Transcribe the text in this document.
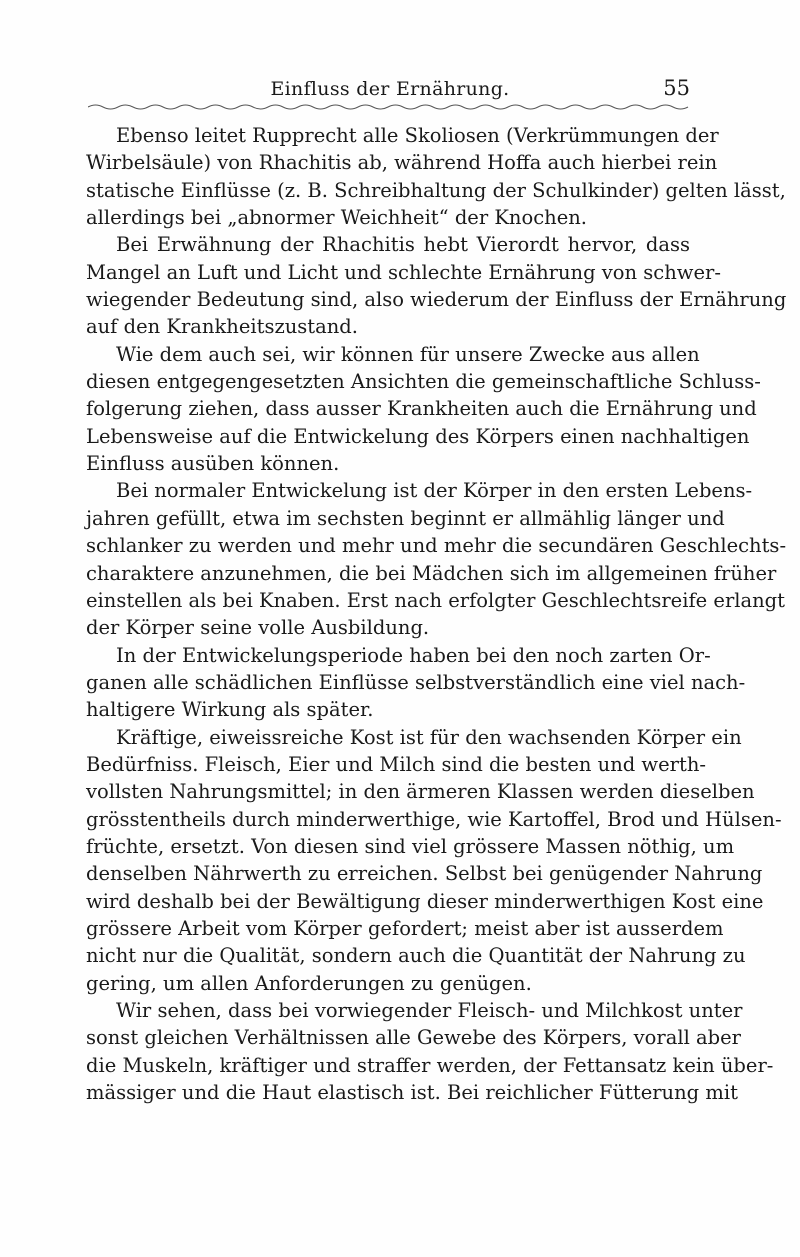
Einfluss der Ernährung.	55
Ebenso leitet Rupprecht alle Skoliosen (Verkrümmungen der
Wirbelsäule) von Rhachitis ab, während Hoffa auch hierbei rein
statische Einflüsse (z. B. Schreibhaltung der Schulkinder) gelten lässt,
allerdings bei „abnormer Weichheit“ der Knochen.
Bei Erwähnung der Rhachitis hebt Vierordt hervor, dass
Mangel an Luft und Licht und schlechte Ernährung von schwer-
wiegender Bedeutung sind, also wiederum der Einfluss der Ernährung
auf den Krankheitszustand.
Wie dem auch sei, wir können für unsere Zwecke aus allen
diesen entgegengesetzten Ansichten die gemeinschaftliche Schluss-
folgerung ziehen, dass ausser Krankheiten auch die Ernährung und
Lebensweise auf die Entwickelung des Körpers einen nachhaltigen
Einfluss ausüben können.
Bei normaler Entwickelung ist der Körper in den ersten Lebens-
jahren gefüllt, etwa im sechsten beginnt er allmählig länger und
schlanker zu werden und mehr und mehr die secundären Geschlechts-
charaktere anzunehmen, die bei Mädchen sich im allgemeinen früher
einstellen als bei Knaben. Erst nach erfolgter Geschlechtsreife erlangt
der Körper seine volle Ausbildung.
In der Entwickelungsperiode haben bei den noch zarten Or-
ganen alle schädlichen Einflüsse selbstverständlich eine viel nach-
haltigere Wirkung als später.
Kräftige, eiweissreiche Kost ist für den wachsenden Körper ein
Bedürfniss. Fleisch, Eier und Milch sind die besten und werth-
vollsten Nahrungsmittel; in den ärmeren Klassen werden dieselben
grösstentheils durch minderwerthige, wie Kartoffel, Brod und Hülsen-
früchte, ersetzt. Von diesen sind viel grössere Massen nöthig, um
denselben Nährwerth zu erreichen. Selbst bei genügender Nahrung
wird deshalb bei der Bewältigung dieser minderwerthigen Kost eine
grössere Arbeit vom Körper gefordert; meist aber ist ausserdem
nicht nur die Qualität, sondern auch die Quantität der Nahrung zu
gering, um allen Anforderungen zu genügen.
Wir sehen, dass bei vorwiegender Fleisch- und Milchkost unter
sonst gleichen Verhältnissen alle Gewebe des Körpers, vorall aber
die Muskeln, kräftiger und straffer werden, der Fettansatz kein über-
mässiger und die Haut elastisch ist. Bei reichlicher Fütterung mit
